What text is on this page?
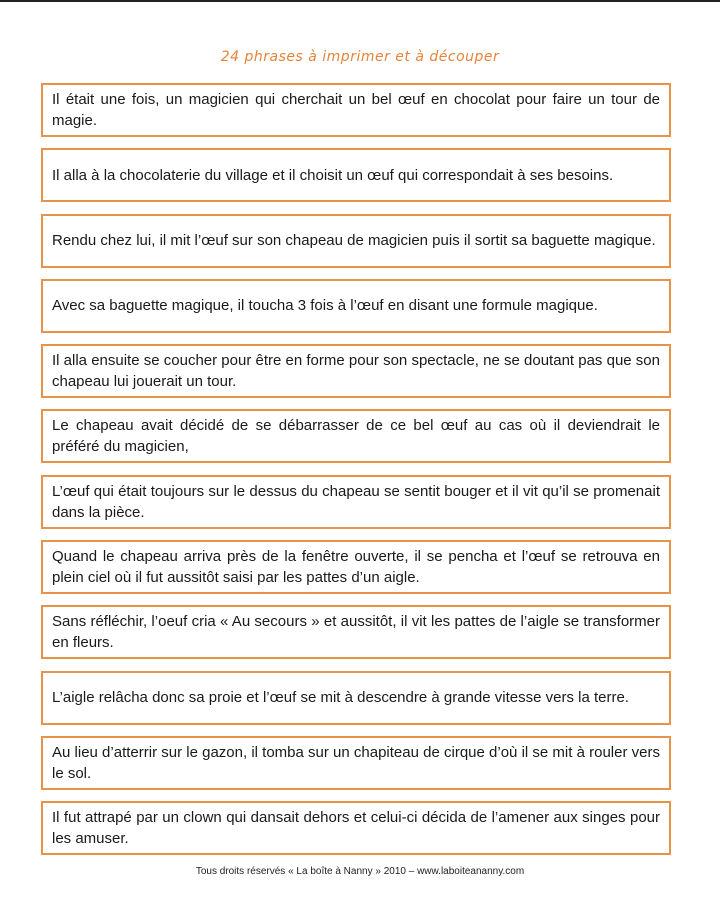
24 phrases à imprimer et à découper
Il était une fois, un magicien qui cherchait un bel œuf en chocolat pour faire un tour de magie.
Il alla à la chocolaterie du village et il choisit un œuf qui correspondait à ses besoins.
Rendu chez lui, il mit l’œuf sur son chapeau de magicien puis il sortit sa baguette magique.
Avec sa baguette magique, il toucha 3 fois à l’œuf en disant une formule magique.
Il alla ensuite se coucher pour être en forme pour son spectacle, ne se doutant pas que son chapeau lui jouerait un tour.
Le chapeau avait décidé de se débarrasser de ce bel œuf au cas où il deviendrait le préféré du magicien,
L’œuf qui était toujours sur le dessus du chapeau se sentit bouger et il vit qu’il se promenait dans la pièce.
Quand le chapeau arriva près de la fenêtre ouverte, il se pencha et l’œuf se retrouva en plein ciel où il fut aussitôt saisi par les pattes d’un aigle.
Sans réfléchir, l’oeuf cria « Au secours » et aussitôt, il vit les pattes de l’aigle se transformer en fleurs.
L’aigle relâcha donc sa proie et l’œuf se mit à descendre à grande vitesse vers la terre.
Au lieu d’atterrir sur le gazon, il tomba sur un chapiteau de cirque d’où il se mit à rouler vers le sol.
Il fut attrapé par un clown qui dansait dehors et celui-ci décida de l’amener aux singes pour les amuser.
Tous droits réservés « La boîte à Nanny » 2010 – www.laboiteananny.com
